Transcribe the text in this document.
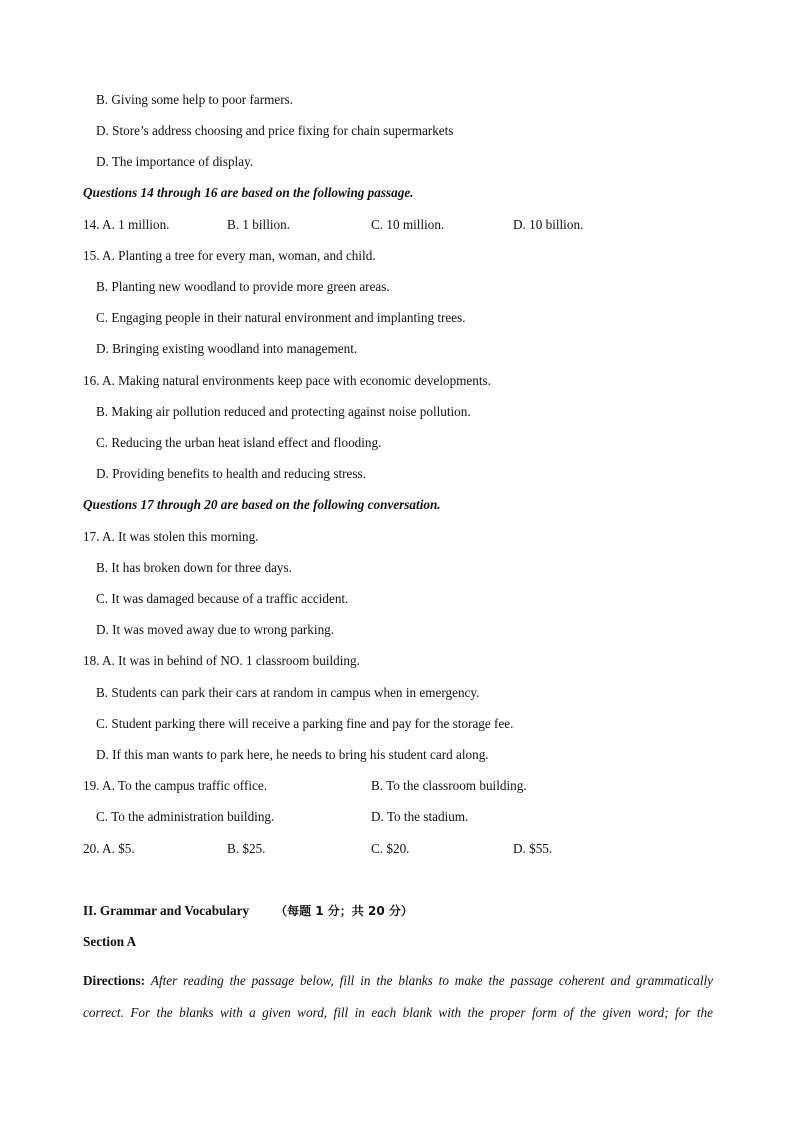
B. Giving some help to poor farmers.
D. Store’s address choosing and price fixing for chain supermarkets
D. The importance of display.
Questions 14 through 16 are based on the following passage.
14. A. 1 million.	B. 1 billion.	C. 10 million.	D. 10 billion.
15. A. Planting a tree for every man, woman, and child.
B. Planting new woodland to provide more green areas.
C. Engaging people in their natural environment and implanting trees.
D. Bringing existing woodland into management.
16. A. Making natural environments keep pace with economic developments.
B. Making air pollution reduced and protecting against noise pollution.
C. Reducing the urban heat island effect and flooding.
D. Providing benefits to health and reducing stress.
Questions 17 through 20 are based on the following conversation.
17. A. It was stolen this morning.
B. It has broken down for three days.
C. It was damaged because of a traffic accident.
D. It was moved away due to wrong parking.
18. A. It was in behind of NO. 1 classroom building.
B. Students can park their cars at random in campus when in emergency.
C. Student parking there will receive a parking fine and pay for the storage fee.
D. If this man wants to park here, he needs to bring his student card along.
19. A. To the campus traffic office.	B. To the classroom building.
C. To the administration building.	D. To the stadium.
20. A. $5.	B. $25.	C. $20.	D. $55.
II. Grammar and Vocabulary （每题 1 分；共 20 分）
Section A
Directions: After reading the passage below, fill in the blanks to make the passage coherent and grammatically correct. For the blanks with a given word, fill in each blank with the proper form of the given word; for the
